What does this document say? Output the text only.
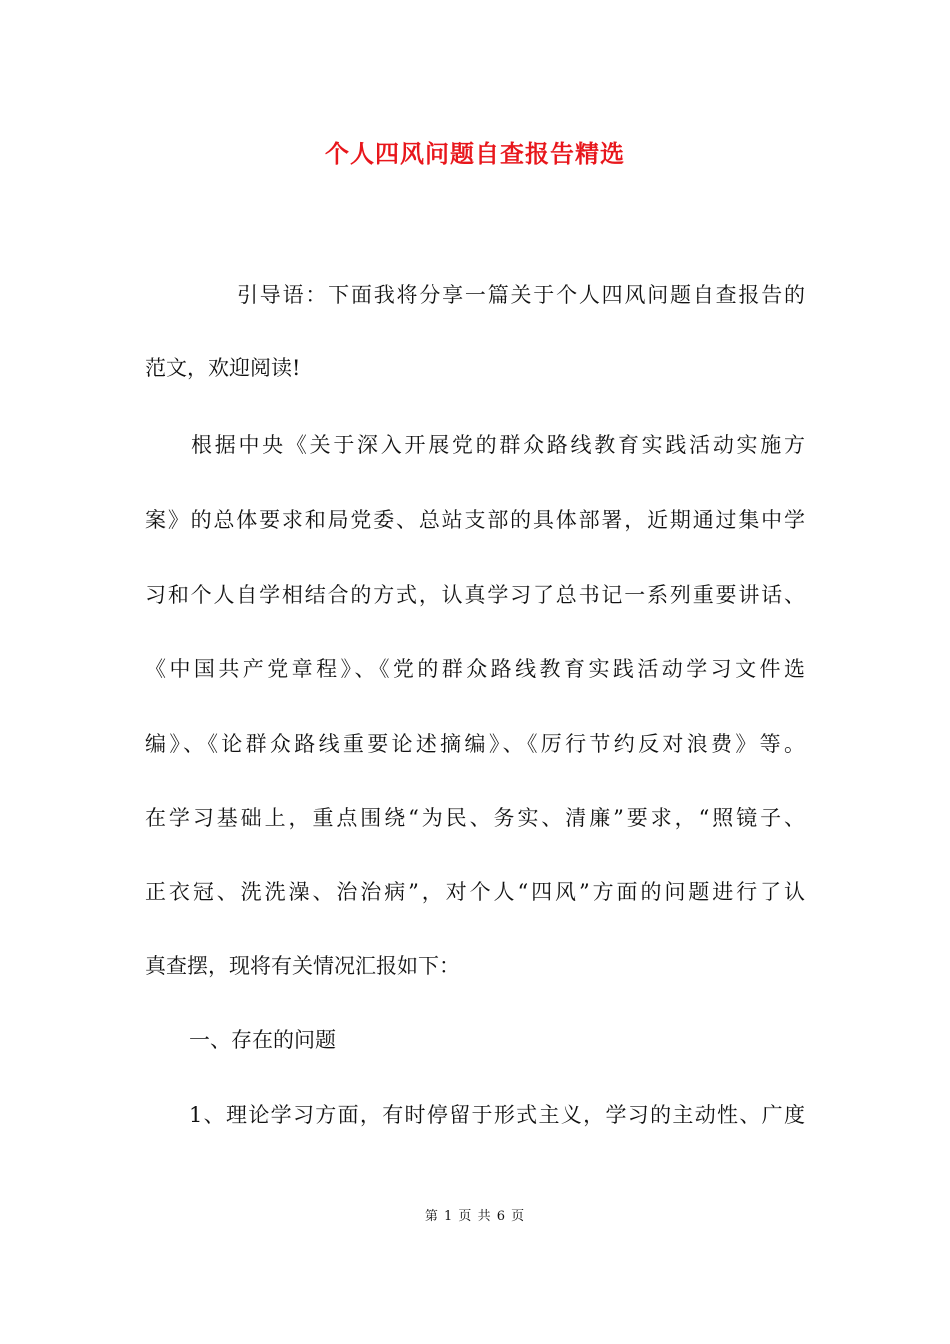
个人四风问题自查报告精选
引导语：下面我将分享一篇关于个人四风问题自查报告的
范文，欢迎阅读!
根据中央《关于深入开展党的群众路线教育实践活动实施方
案》的总体要求和局党委、总站支部的具体部署，近期通过集中学
习和个人自学相结合的方式，认真学习了总书记一系列重要讲话、
《中国共产党章程》、《党的群众路线教育实践活动学习文件选
编》、《论群众路线重要论述摘编》、《厉行节约反对浪费》等。
在学习基础上，重点围绕“为民、务实、清廉”要求，“照镜子、
正衣冠、洗洗澡、治治病”，对个人“四风”方面的问题进行了认
真查摆，现将有关情况汇报如下：
一、存在的问题
1、理论学习方面，有时停留于形式主义，学习的主动性、广度
第 1 页 共 6 页
